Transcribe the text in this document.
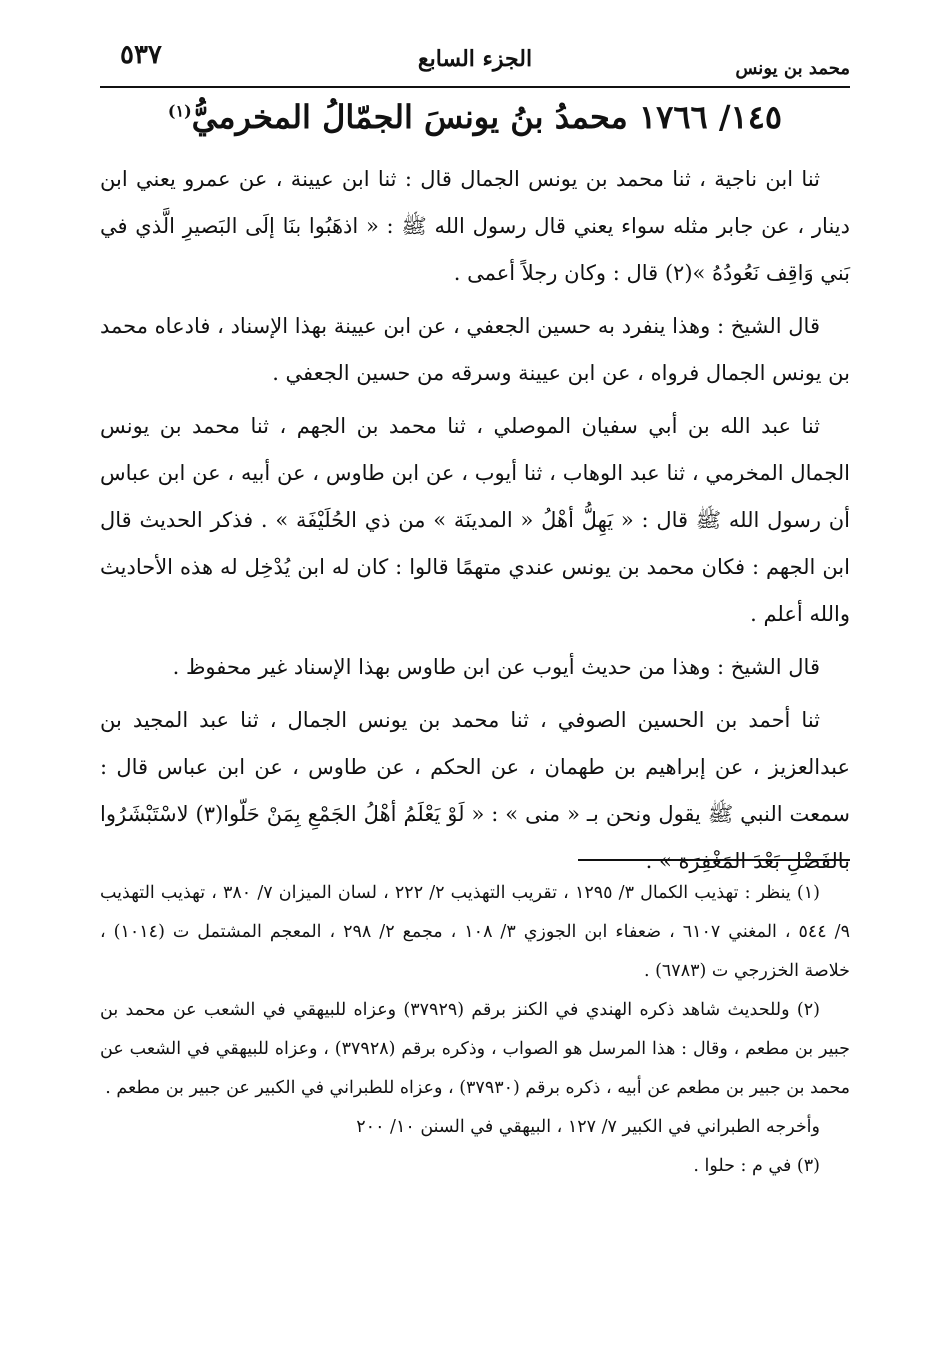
محمد بن يونس
الجزء السابع
٥٣٧
١٤٥/ ١٧٦٦ محمدُ بنُ يونسَ الجمّالُ المخرميُّ$^{(١)}$

ثنا ابن ناجية ، ثنا محمد بن يونس الجمال قال : ثنا ابن عيينة ، عن عمرو يعني ابن دينار ، عن جابر مثله سواء يعني قال رسول الله ﷺ : « اذهَبُوا بنَا إلَى البَصيرِ الَّذي في بَني وَاقِف نَعُودُهُ »(٢) قال : وكان رجلاً أعمى .

قال الشيخ : وهذا ينفرد به حسين الجعفي ، عن ابن عيينة بهذا الإسناد ، فادعاه محمد بن يونس الجمال فرواه ، عن ابن عيينة وسرقه من حسين الجعفي .

ثنا عبد الله بن أبي سفيان الموصلي ، ثنا محمد بن الجهم ، ثنا محمد بن يونس الجمال المخرمي ، ثنا عبد الوهاب ، ثنا أيوب ، عن ابن طاوس ، عن أبيه ، عن ابن عباس أن رسول الله ﷺ قال : « يَهِلُّ أهْلُ « المدينَة » من ذي الحُلَيْفَة » . فذكر الحديث قال ابن الجهم : فكان محمد بن يونس عندي متهمًا قالوا : كان له ابن يُدْخِل له هذه الأحاديث والله أعلم .

قال الشيخ : وهذا من حديث أيوب عن ابن طاوس بهذا الإسناد غير محفوظ .

ثنا أحمد بن الحسين الصوفي ، ثنا محمد بن يونس الجمال ، ثنا عبد المجيد بن عبدالعزيز ، عن إبراهيم بن طهمان ، عن الحكم ، عن طاوس ، عن ابن عباس قال : سمعت النبي ﷺ يقول ونحن بـ « منى » : « لَوْ يَعْلَمُ أهْلُ الجَمْعِ بِمَنْ حَلّوا(٣) لاسْتَبْشَرُوا بالفَضْلِ بَعْدَ المَغْفِرَة » .

(١) ينظر : تهذيب الكمال ٣/ ١٢٩٥ ، تقريب التهذيب ٢/ ٢٢٢ ، لسان الميزان ٧/ ٣٨٠ ، تهذيب التهذيب ٩/ ٥٤٤ ، المغني ٦١٠٧ ، ضعفاء ابن الجوزي ٣/ ١٠٨ ، مجمع ٢/ ٢٩٨ ، المعجم المشتمل ت (١٠١٤) ، خلاصة الخزرجي ت (٦٧٨٣) .

(٢) وللحديث شاهد ذكره الهندي في الكنز برقم (٣٧٩٢٩) وعزاه للبيهقي في الشعب عن محمد بن جبير بن مطعم ، وقال : هذا المرسل هو الصواب ، وذكره برقم (٣٧٩٢٨) ، وعزاه للبيهقي في الشعب عن محمد بن جبير بن مطعم عن أبيه ، ذكره برقم (٣٧٩٣٠) ، وعزاه للطبراني في الكبير عن جبير بن مطعم .

وأخرجه الطبراني في الكبير ٧/ ١٢٧ ، البيهقي في السنن ١٠/ ٢٠٠

(٣) في م : حلوا .
